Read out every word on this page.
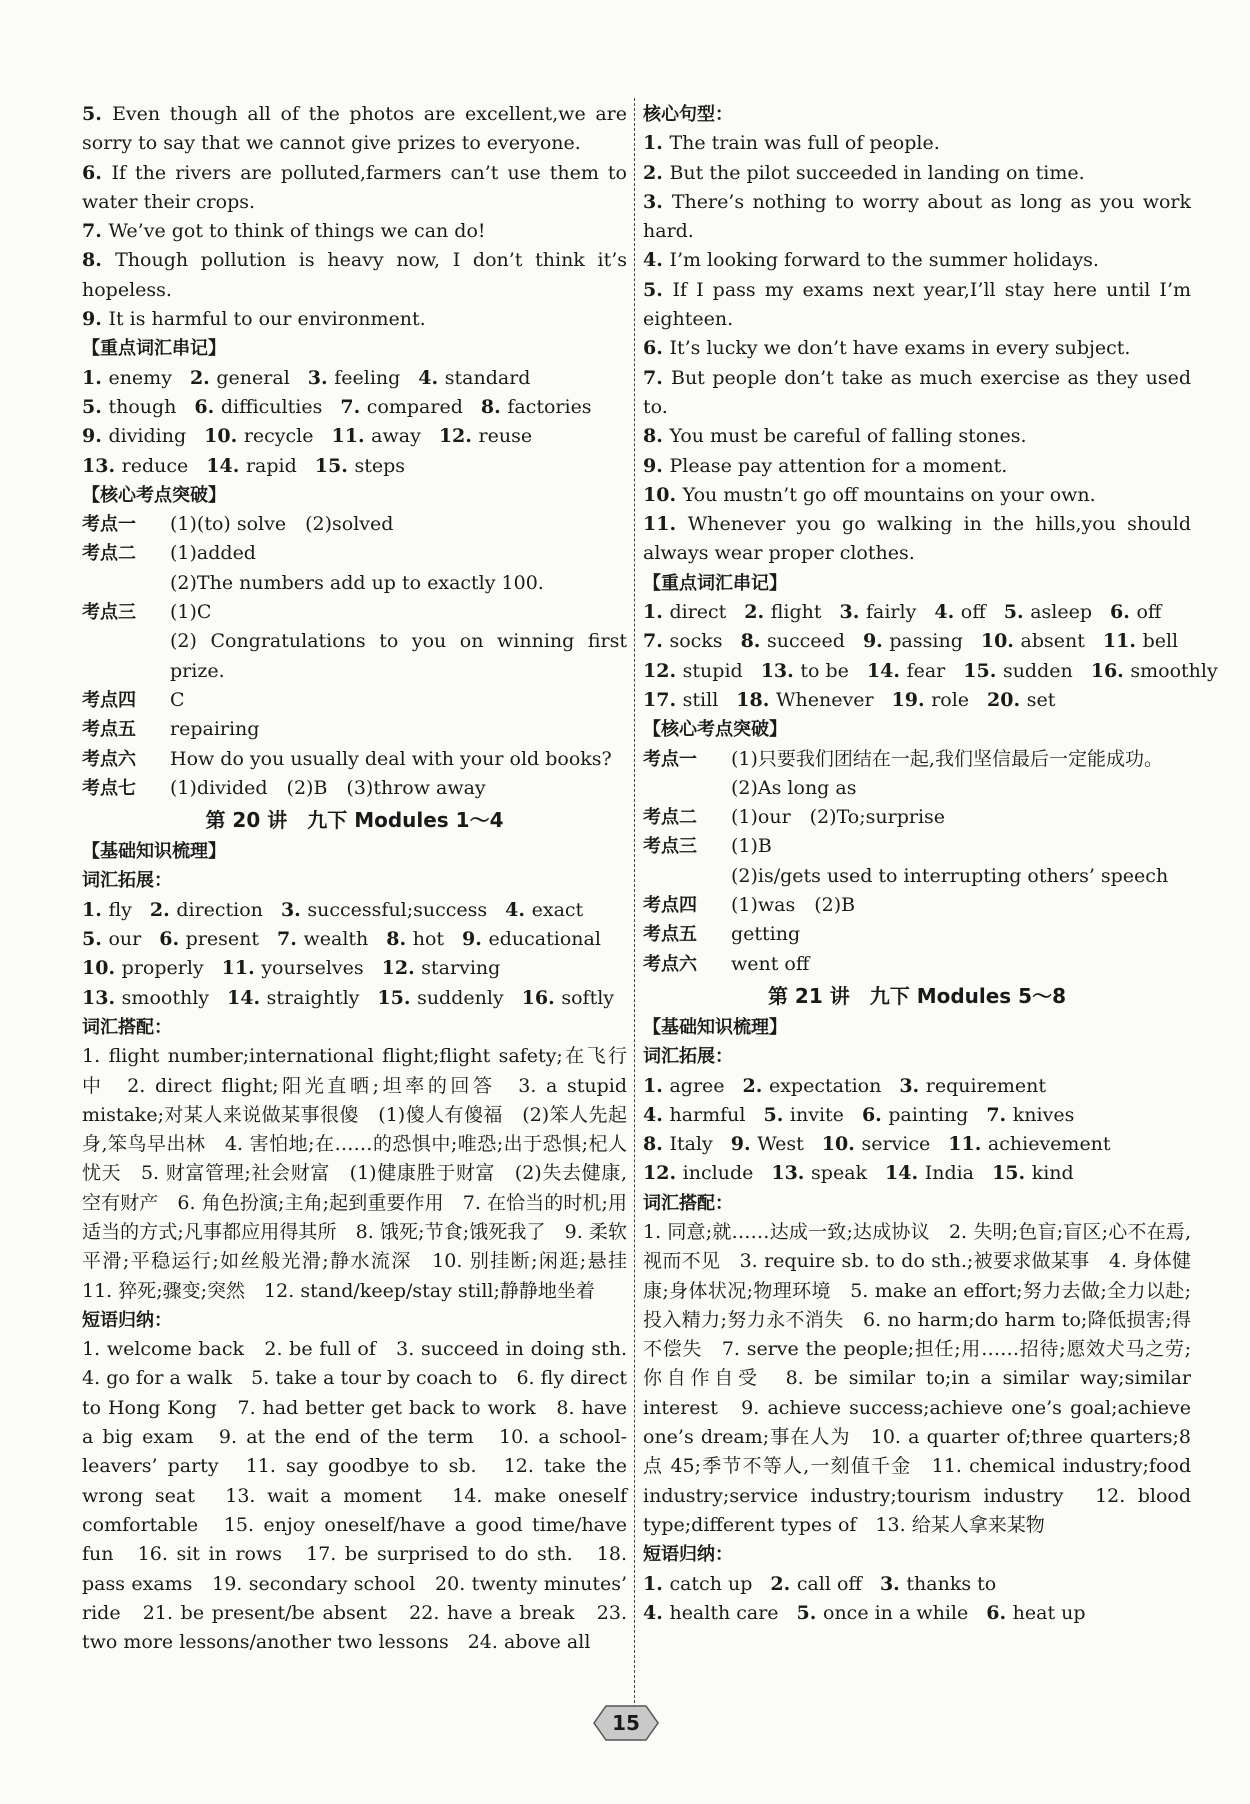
5. Even though all of the photos are excellent,we are sorry to say that we cannot give prizes to everyone.
6. If the rivers are polluted,farmers can’t use them to water their crops.
7. We’ve got to think of things we can do!
8. Though pollution is heavy now, I don’t think it’s hopeless.
9. It is harmful to our environment.
【重点词汇串记】
1. enemy 2. general 3. feeling 4. standard
5. though 6. difficulties 7. compared 8. factories
9. dividing 10. recycle 11. away 12. reuse
13. reduce 14. rapid 15. steps
【核心考点突破】
考点一	(1)(to) solve　(2)solved
考点二	(1)added
(2)The numbers add up to exactly 100.
考点三	(1)C
(2) Congratulations to you on winning first prize.
考点四	C
考点五	repairing
考点六	How do you usually deal with your old books?
考点七	(1)divided　(2)B　(3)throw away
第 20 讲　九下 Modules 1～4
【基础知识梳理】
词汇拓展：
1. fly 2. direction 3. successful;success 4. exact
5. our 6. present 7. wealth 8. hot 9. educational
10. properly 11. yourselves 12. starving
13. smoothly 14. straightly 15. suddenly 16. softly
词汇搭配：
1. flight number;international flight;flight safety;在飞行中　2. direct flight;阳光直晒;坦率的回答　3. a stupid mistake;对某人来说做某事很傻　(1)傻人有傻福　(2)笨人先起身,笨鸟早出林　4. 害怕地;在……的恐惧中;唯恐;出于恐惧;杞人忧天　5. 财富管理;社会财富　(1)健康胜于财富　(2)失去健康,空有财产　6. 角色扮演;主角;起到重要作用　7. 在恰当的时机;用适当的方式;凡事都应用得其所　8. 饿死;节食;饿死我了　9. 柔软平滑;平稳运行;如丝般光滑;静水流深　10. 别挂断;闲逛;悬挂　11. 猝死;骤变;突然　12. stand/keep/stay still;静静地坐着
短语归纳：
1. welcome back　2. be full of　3. succeed in doing sth.　4. go for a walk　5. take a tour by coach to　6. fly direct to Hong Kong　7. had better get back to work　8. have a big exam　9. at the end of the term　10. a school-leavers’ party　11. say goodbye to sb.　12. take the wrong seat　13. wait a moment　14. make oneself comfortable　15. enjoy oneself/have a good time/have fun　16. sit in rows　17. be surprised to do sth.　18. pass exams　19. secondary school　20. twenty minutes’ ride　21. be present/be absent　22. have a break　23. two more lessons/another two lessons　24. above all
核心句型：
1. The train was full of people.
2. But the pilot succeeded in landing on time.
3. There’s nothing to worry about as long as you work hard.
4. I’m looking forward to the summer holidays.
5. If I pass my exams next year,I’ll stay here until I’m eighteen.
6. It’s lucky we don’t have exams in every subject.
7. But people don’t take as much exercise as they used to.
8. You must be careful of falling stones.
9. Please pay attention for a moment.
10. You mustn’t go off mountains on your own.
11. Whenever you go walking in the hills,you should always wear proper clothes.
【重点词汇串记】
1. direct 2. flight 3. fairly 4. off 5. asleep 6. off
7. socks 8. succeed 9. passing 10. absent 11. bell
12. stupid 13. to be 14. fear 15. sudden 16. smoothly
17. still 18. Whenever 19. role 20. set
【核心考点突破】
考点一	(1)只要我们团结在一起,我们坚信最后一定能成功。
(2)As long as
考点二	(1)our　(2)To;surprise
考点三	(1)B
(2)is/gets used to interrupting others’ speech
考点四	(1)was　(2)B
考点五	getting
考点六	went off
第 21 讲　九下 Modules 5～8
【基础知识梳理】
词汇拓展：
1. agree 2. expectation 3. requirement
4. harmful 5. invite 6. painting 7. knives
8. Italy 9. West 10. service 11. achievement
12. include 13. speak 14. India 15. kind
词汇搭配：
1. 同意;就……达成一致;达成协议　2. 失明;色盲;盲区;心不在焉,视而不见　3. require sb. to do sth.;被要求做某事　4. 身体健康;身体状况;物理环境　5. make an effort;努力去做;全力以赴;投入精力;努力永不消失　6. no harm;do harm to;降低损害;得不偿失　7. serve the people;担任;用……招待;愿效犬马之劳;你自作自受　8. be similar to;in a similar way;similar interest　9. achieve success;achieve one’s goal;achieve one’s dream;事在人为　10. a quarter of;three quarters;8 点 45;季节不等人,一刻值千金　11. chemical industry;food industry;service industry;tourism industry　12. blood type;different types of　13. 给某人拿来某物
短语归纳：
1. catch up 2. call off 3. thanks to
4. health care 5. once in a while 6. heat up
15
